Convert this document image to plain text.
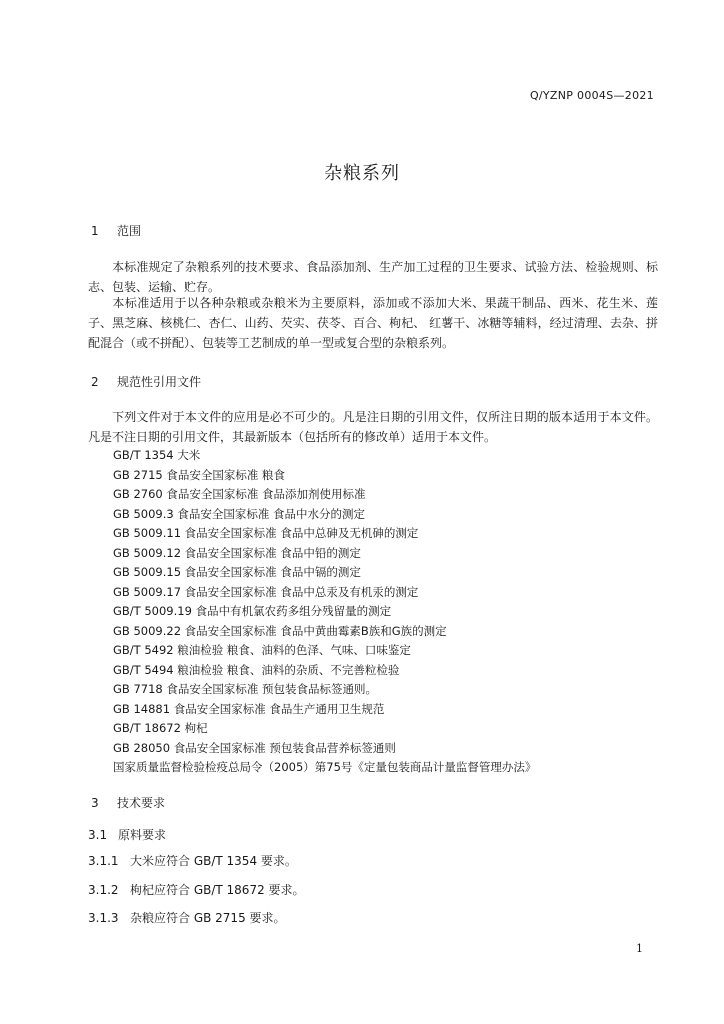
Q/YZNP 0004S—2021
杂粮系列
1 范围
本标准规定了杂粮系列的技术要求、食品添加剂、生产加工过程的卫生要求、试验方法、检验规则、标志、包装、运输、贮存。
本标准适用于以各种杂粮或杂粮米为主要原料，添加或不添加大米、果蔬干制品、西米、花生米、莲子、黑芝麻、核桃仁、杏仁、山药、芡实、茯苓、百合、枸杞、 红薯干、冰糖等辅料，经过清理、去杂、拼配混合（或不拼配）、包装等工艺制成的单一型或复合型的杂粮系列。
2 规范性引用文件
下列文件对于本文件的应用是必不可少的。凡是注日期的引用文件，仅所注日期的版本适用于本文件。凡是不注日期的引用文件，其最新版本（包括所有的修改单）适用于本文件。
GB/T 1354 大米
GB 2715 食品安全国家标准 粮食
GB 2760 食品安全国家标准 食品添加剂使用标准
GB 5009.3 食品安全国家标准 食品中水分的测定
GB 5009.11 食品安全国家标准 食品中总砷及无机砷的测定
GB 5009.12 食品安全国家标准 食品中铅的测定
GB 5009.15 食品安全国家标准 食品中镉的测定
GB 5009.17 食品安全国家标准 食品中总汞及有机汞的测定
GB/T 5009.19 食品中有机氯农药多组分残留量的测定
GB 5009.22 食品安全国家标准 食品中黄曲霉素B族和G族的测定
GB/T 5492 粮油检验 粮食、油料的色泽、气味、口味鉴定
GB/T 5494 粮油检验 粮食、油料的杂质、不完善粒检验
GB 7718 食品安全国家标准 预包装食品标签通则。
GB 14881 食品安全国家标准 食品生产通用卫生规范
GB/T 18672 枸杞
GB 28050 食品安全国家标准 预包装食品营养标签通则
国家质量监督检验检疫总局令（2005）第75号《定量包装商品计量监督管理办法》
3 技术要求
3.1 原料要求
3.1.1 大米应符合 GB/T 1354 要求。
3.1.2 枸杞应符合 GB/T 18672 要求。
3.1.3 杂粮应符合 GB 2715 要求。
1
